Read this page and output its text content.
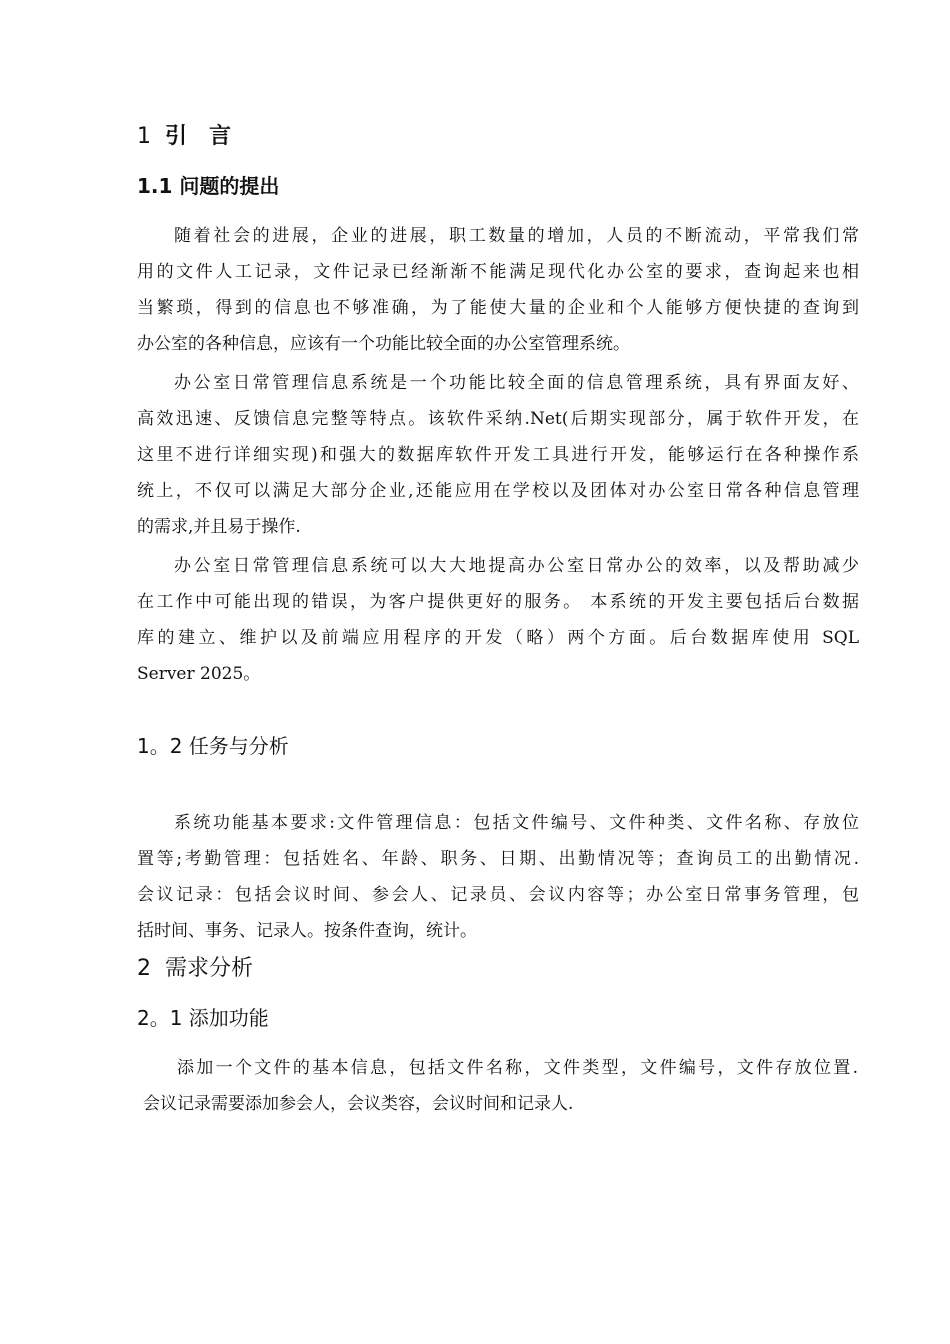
1 引　言
1.1 问题的提出
随着社会的进展，企业的进展，职工数量的增加，人员的不断流动，平常我们常
用的文件人工记录，文件记录已经渐渐不能满足现代化办公室的要求，查询起来也相
当繁琐，得到的信息也不够准确，为了能使大量的企业和个人能够方便快捷的查询到
办公室的各种信息，应该有一个功能比较全面的办公室管理系统。
办公室日常管理信息系统是一个功能比较全面的信息管理系统，具有界面友好、
高效迅速、反馈信息完整等特点。该软件采纳.Net(后期实现部分，属于软件开发，在
这里不进行详细实现)和强大的数据库软件开发工具进行开发，能够运行在各种操作系
统上，不仅可以满足大部分企业,还能应用在学校以及团体对办公室日常各种信息管理
的需求,并且易于操作.
办公室日常管理信息系统可以大大地提高办公室日常办公的效率，以及帮助减少
在工作中可能出现的错误，为客户提供更好的服务。 本系统的开发主要包括后台数据
库的建立、维护以及前端应用程序的开发（略）两个方面。后台数据库使用 SQL
Server 2025。
1。2 任务与分析
系统功能基本要求:文件管理信息：包括文件编号、文件种类、文件名称、存放位
置等;考勤管理：包括姓名、年龄、职务、日期、出勤情况等；查询员工的出勤情况.
会议记录：包括会议时间、参会人、记录员、会议内容等；办公室日常事务管理，包
括时间、事务、记录人。按条件查询，统计。
2 需求分析
2。1 添加功能
添加一个文件的基本信息，包括文件名称，文件类型，文件编号，文件存放位置.
会议记录需要添加参会人，会议类容，会议时间和记录人.
